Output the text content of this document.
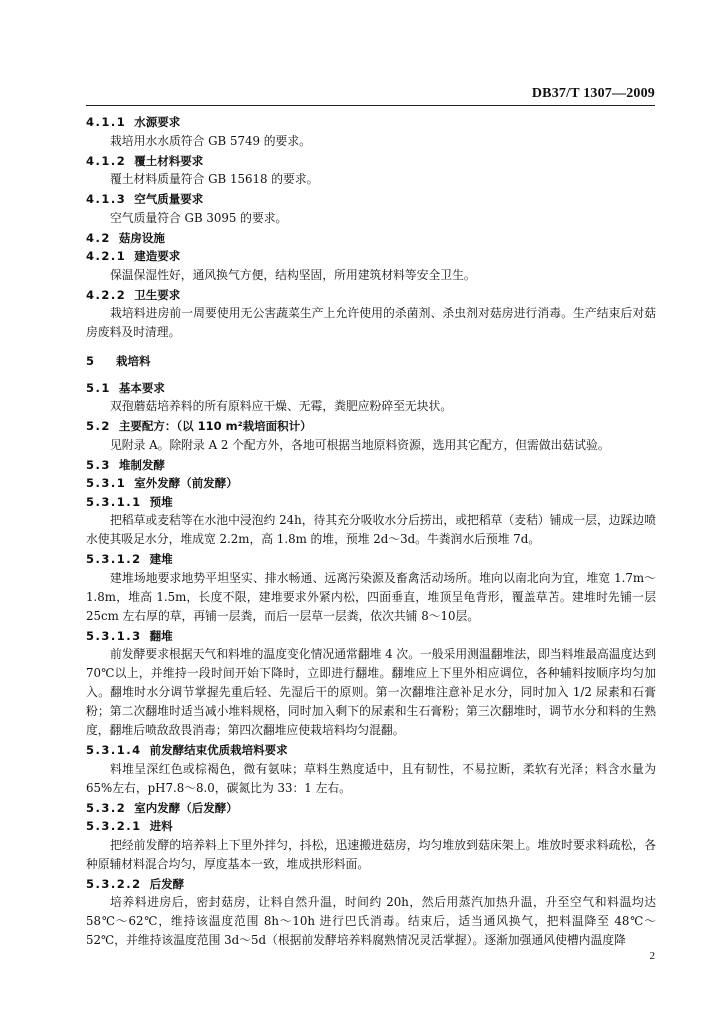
DB37/T 1307—2009
4.1.1 水源要求
栽培用水水质符合 GB 5749 的要求。
4.1.2 覆土材料要求
覆土材料质量符合 GB 15618 的要求。
4.1.3 空气质量要求
空气质量符合 GB 3095 的要求。
4.2 菇房设施
4.2.1 建造要求
保温保湿性好，通风换气方便，结构坚固，所用建筑材料等安全卫生。
4.2.2 卫生要求
栽培料进房前一周要使用无公害蔬菜生产上允许使用的杀菌剂、杀虫剂对菇房进行消毒。生产结束后对菇房废料及时清理。
5 栽培料
5.1 基本要求
双孢蘑菇培养料的所有原料应干燥、无霉，粪肥应粉碎至无块状。
5.2 主要配方：（以 110 m²栽培面积计）
见附录 A。除附录 A 2 个配方外，各地可根据当地原料资源，选用其它配方，但需做出菇试验。
5.3 堆制发酵
5.3.1 室外发酵（前发酵）
5.3.1.1 预堆
把稻草或麦秸等在水池中浸泡约 24h，待其充分吸收水分后捞出，或把稻草（麦秸）铺成一层，边踩边喷水使其吸足水分，堆成宽 2.2m，高 1.8m 的堆，预堆 2d～3d。牛粪润水后预堆 7d。
5.3.1.2 建堆
建堆场地要求地势平坦坚实、排水畅通、远离污染源及畜禽活动场所。堆向以南北向为宜，堆宽 1.7m～1.8m，堆高 1.5m，长度不限，建堆要求外紧内松，四面垂直，堆顶呈龟背形，覆盖草苫。建堆时先铺一层 25cm 左右厚的草，再铺一层粪，而后一层草一层粪，依次共铺 8～10层。
5.3.1.3 翻堆
前发酵要求根据天气和料堆的温度变化情况通常翻堆 4 次。一般采用测温翻堆法，即当料堆最高温度达到 70℃以上，并维持一段时间开始下降时，立即进行翻堆。翻堆应上下里外相应调位，各种辅料按顺序均匀加入。翻堆时水分调节掌握先重后轻、先湿后干的原则。第一次翻堆注意补足水分，同时加入 1/2 尿素和石膏粉；第二次翻堆时适当减小堆料规格，同时加入剩下的尿素和生石膏粉；第三次翻堆时，调节水分和料的生熟度，翻堆后喷敌敌畏消毒；第四次翻堆应使栽培料均匀混翻。
5.3.1.4 前发酵结束优质栽培料要求
料堆呈深红色或棕褐色，微有氨味；草料生熟度适中，且有韧性，不易拉断，柔软有光泽；料含水量为 65%左右，pH7.8～8.0，碳氮比为 33：1 左右。
5.3.2 室内发酵（后发酵）
5.3.2.1 进料
把经前发酵的培养料上下里外拌匀，抖松，迅速搬进菇房，均匀堆放到菇床架上。堆放时要求料疏松，各种原辅材料混合均匀，厚度基本一致，堆成拱形料面。
5.3.2.2 后发酵
培养料进房后，密封菇房，让料自然升温，时间约 20h，然后用蒸汽加热升温，升至空气和料温均达 58℃～62℃，维持该温度范围 8h～10h 进行巴氏消毒。结束后，适当通风换气，把料温降至 48℃～52℃，并维持该温度范围 3d～5d（根据前发酵培养料腐熟情况灵活掌握）。逐渐加强通风使槽内温度降
2
